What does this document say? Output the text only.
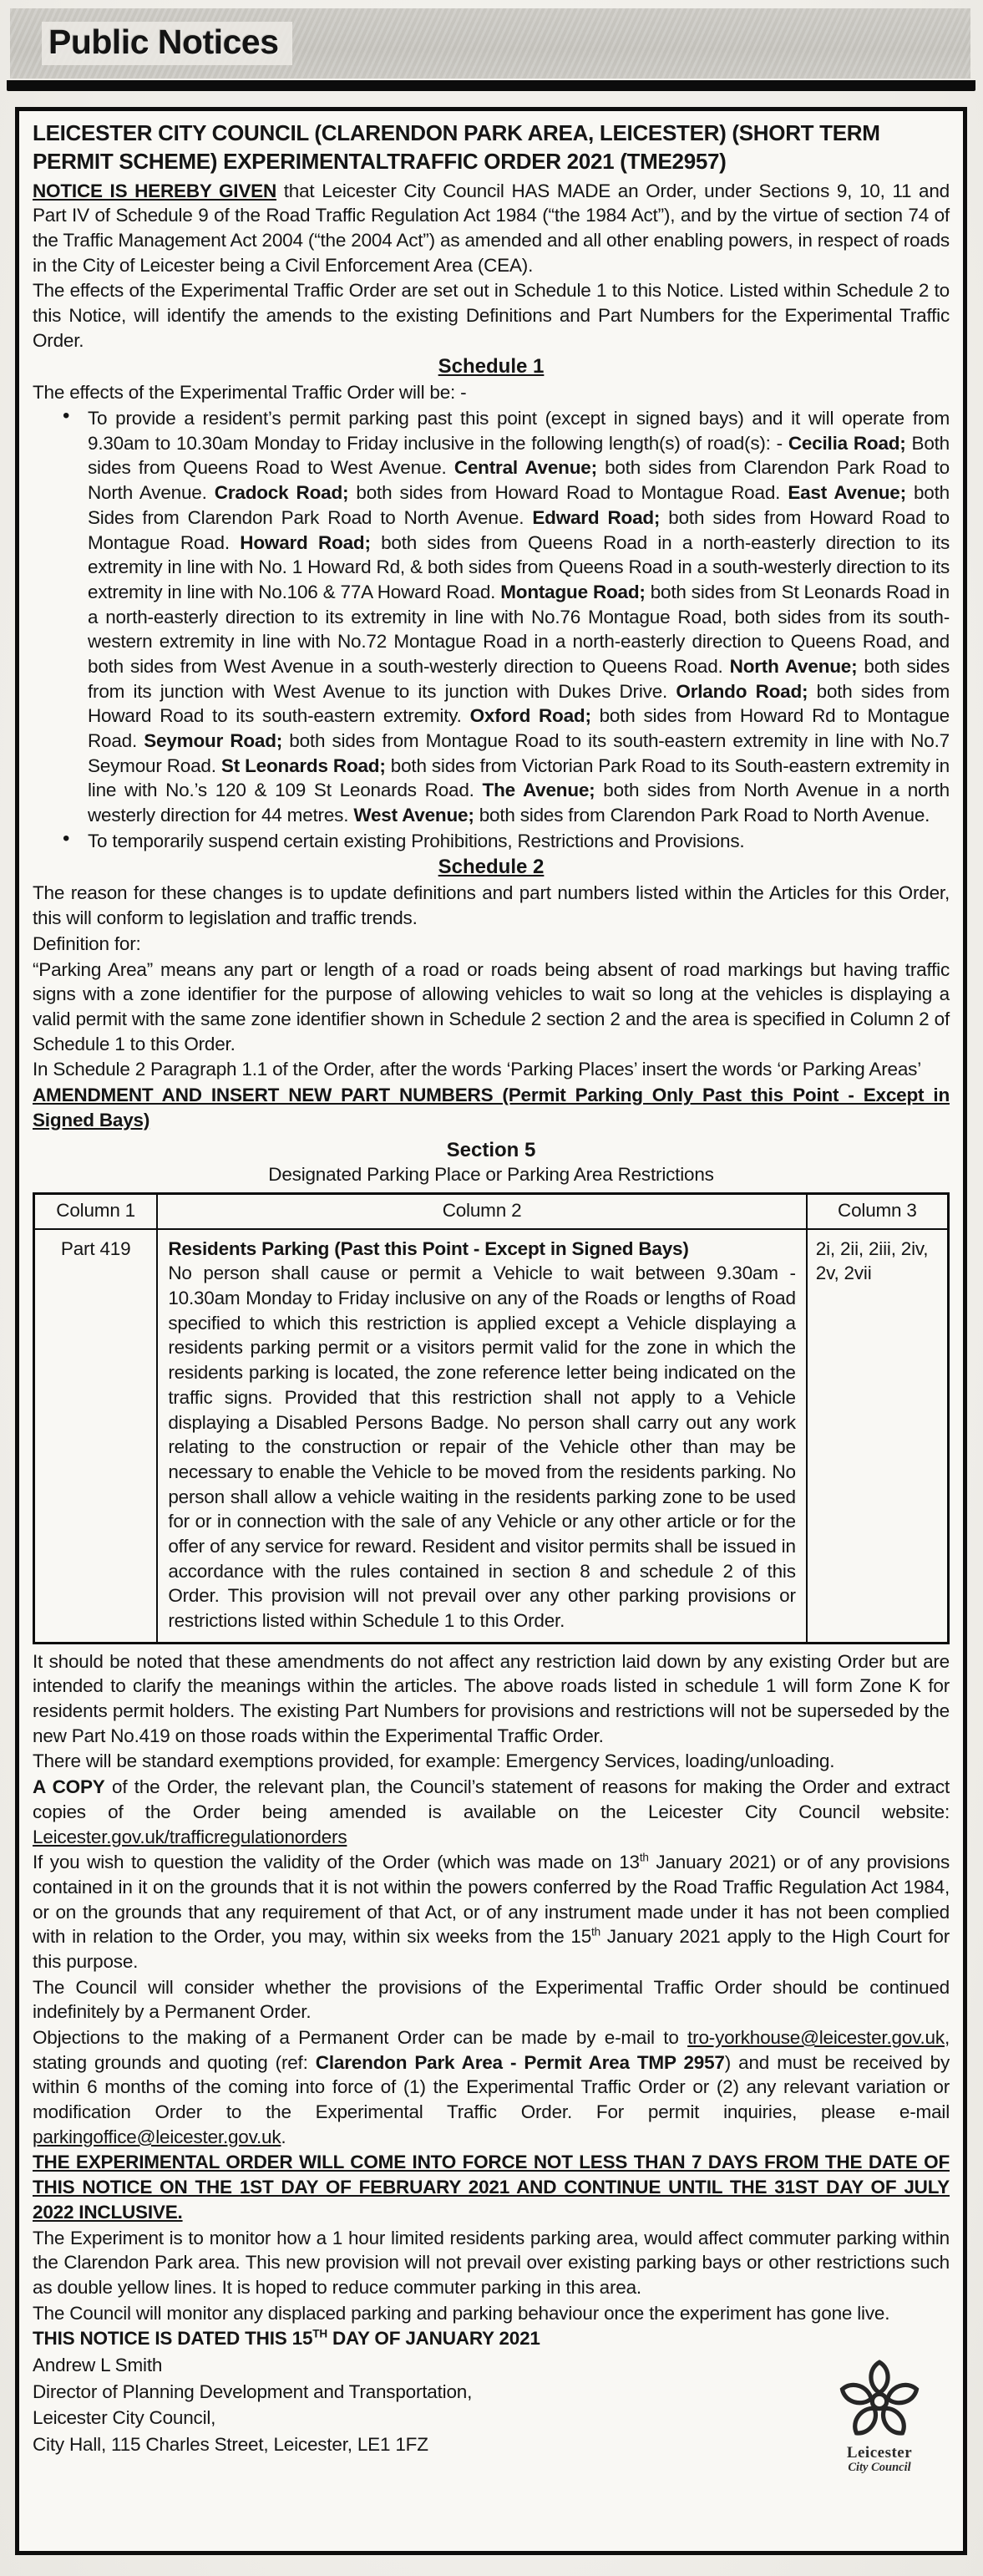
Public Notices

LEICESTER CITY COUNCIL (CLARENDON PARK AREA, LEICESTER) (SHORT TERM PERMIT SCHEME) EXPERIMENTALTRAFFIC ORDER 2021 (TME2957)

NOTICE IS HEREBY GIVEN that Leicester City Council HAS MADE an Order, under Sections 9, 10, 11 and Part IV of Schedule 9 of the Road Traffic Regulation Act 1984 (“the 1984 Act”), and by the virtue of section 74 of the Traffic Management Act 2004 (“the 2004 Act”) as amended and all other enabling powers, in respect of roads in the City of Leicester being a Civil Enforcement Area (CEA).

The effects of the Experimental Traffic Order are set out in Schedule 1 to this Notice. Listed within Schedule 2 to this Notice, will identify the amends to the existing Definitions and Part Numbers for the Experimental Traffic Order.

Schedule 1

The effects of the Experimental Traffic Order will be: -

• To provide a resident’s permit parking past this point (except in signed bays) and it will operate from 9.30am to 10.30am Monday to Friday inclusive in the following length(s) of road(s): - Cecilia Road; Both sides from Queens Road to West Avenue. Central Avenue; both sides from Clarendon Park Road to North Avenue. Cradock Road; both sides from Howard Road to Montague Road. East Avenue; both Sides from Clarendon Park Road to North Avenue. Edward Road; both sides from Howard Road to Montague Road. Howard Road; both sides from Queens Road in a north-easterly direction to its extremity in line with No. 1 Howard Rd, & both sides from Queens Road in a south-westerly direction to its extremity in line with No.106 & 77A Howard Road. Montague Road; both sides from St Leonards Road in a north-easterly direction to its extremity in line with No.76 Montague Road, both sides from its south-western extremity in line with No.72 Montague Road in a north-easterly direction to Queens Road, and both sides from West Avenue in a south-westerly direction to Queens Road. North Avenue; both sides from its junction with West Avenue to its junction with Dukes Drive. Orlando Road; both sides from Howard Road to its south-eastern extremity. Oxford Road; both sides from Howard Rd to Montague Road. Seymour Road; both sides from Montague Road to its south-eastern extremity in line with No.7 Seymour Road. St Leonards Road; both sides from Victorian Park Road to its South-eastern extremity in line with No.’s 120 & 109 St Leonards Road. The Avenue; both sides from North Avenue in a north westerly direction for 44 metres. West Avenue; both sides from Clarendon Park Road to North Avenue.

• To temporarily suspend certain existing Prohibitions, Restrictions and Provisions.

Schedule 2

The reason for these changes is to update definitions and part numbers listed within the Articles for this Order, this will conform to legislation and traffic trends.

Definition for:

“Parking Area” means any part or length of a road or roads being absent of road markings but having traffic signs with a zone identifier for the purpose of allowing vehicles to wait so long at the vehicles is displaying a valid permit with the same zone identifier shown in Schedule 2 section 2 and the area is specified in Column 2 of Schedule 1 to this Order.

In Schedule 2 Paragraph 1.1 of the Order, after the words ‘Parking Places’ insert the words ‘or Parking Areas’

AMENDMENT AND INSERT NEW PART NUMBERS (Permit Parking Only Past this Point - Except in Signed Bays)

Section 5

Designated Parking Place or Parking Area Restrictions

Column 1	Column 2	Column 3
Part 419	Residents Parking (Past this Point - Except in Signed Bays)
No person shall cause or permit a Vehicle to wait between 9.30am - 10.30am Monday to Friday inclusive on any of the Roads or lengths of Road specified to which this restriction is applied except a Vehicle displaying a residents parking permit or a visitors permit valid for the zone in which the residents parking is located, the zone reference letter being indicated on the traffic signs. Provided that this restriction shall not apply to a Vehicle displaying a Disabled Persons Badge. No person shall carry out any work relating to the construction or repair of the Vehicle other than may be necessary to enable the Vehicle to be moved from the residents parking. No person shall allow a vehicle waiting in the residents parking zone to be used for or in connection with the sale of any Vehicle or any other article or for the offer of any service for reward. Resident and visitor permits shall be issued in accordance with the rules contained in section 8 and schedule 2 of this Order. This provision will not prevail over any other parking provisions or restrictions listed within Schedule 1 to this Order.	2i, 2ii, 2iii, 2iv, 2v, 2vii

It should be noted that these amendments do not affect any restriction laid down by any existing Order but are intended to clarify the meanings within the articles. The above roads listed in schedule 1 will form Zone K for residents permit holders. The existing Part Numbers for provisions and restrictions will not be superseded by the new Part No.419 on those roads within the Experimental Traffic Order.

There will be standard exemptions provided, for example: Emergency Services, loading/unloading.

A COPY of the Order, the relevant plan, the Council’s statement of reasons for making the Order and extract copies of the Order being amended is available on the Leicester City Council website: Leicester.gov.uk/trafficregulationorders

If you wish to question the validity of the Order (which was made on 13th January 2021) or of any provisions contained in it on the grounds that it is not within the powers conferred by the Road Traffic Regulation Act 1984, or on the grounds that any requirement of that Act, or of any instrument made under it has not been complied with in relation to the Order, you may, within six weeks from the 15th January 2021 apply to the High Court for this purpose.

The Council will consider whether the provisions of the Experimental Traffic Order should be continued indefinitely by a Permanent Order.

Objections to the making of a Permanent Order can be made by e-mail to tro-yorkhouse@leicester.gov.uk, stating grounds and quoting (ref: Clarendon Park Area - Permit Area TMP 2957) and must be received by within 6 months of the coming into force of (1) the Experimental Traffic Order or (2) any relevant variation or modification Order to the Experimental Traffic Order. For permit inquiries, please e-mail parkingoffice@leicester.gov.uk.

THE EXPERIMENTAL ORDER WILL COME INTO FORCE NOT LESS THAN 7 DAYS FROM THE DATE OF THIS NOTICE ON THE 1ST DAY OF FEBRUARY 2021 AND CONTINUE UNTIL THE 31ST DAY OF JULY 2022 INCLUSIVE.

The Experiment is to monitor how a 1 hour limited residents parking area, would affect commuter parking within the Clarendon Park area. This new provision will not prevail over existing parking bays or other restrictions such as double yellow lines. It is hoped to reduce commuter parking in this area.

The Council will monitor any displaced parking and parking behaviour once the experiment has gone live.

THIS NOTICE IS DATED THIS 15TH DAY OF JANUARY 2021

Andrew L Smith

Director of Planning Development and Transportation,

Leicester City Council,

City Hall, 115 Charles Street, Leicester, LE1 1FZ	Leicester
City Council
